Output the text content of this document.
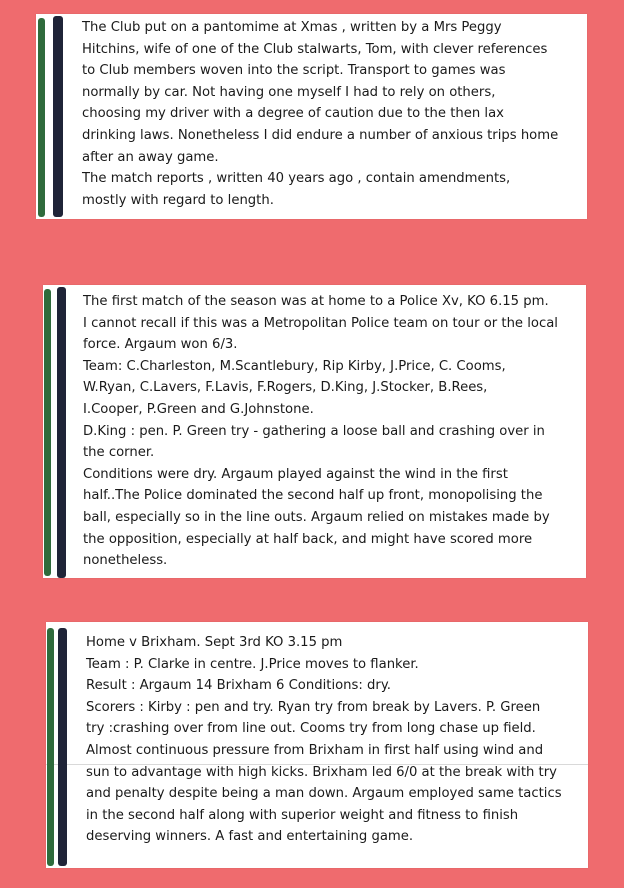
The Club put on a pantomime at Xmas , written by a Mrs Peggy
Hitchins, wife of one of the Club stalwarts, Tom, with clever references
to Club members woven into the script. Transport to games was
normally by car. Not having one myself I had to rely on others,
choosing my driver with a degree of caution due to the then lax
drinking laws. Nonetheless I did endure a number of anxious trips home
after an away game.
The match reports , written 40 years ago , contain amendments,
mostly with regard to length.

The first match of the season was at home to a Police Xv, KO 6.15 pm.
I cannot recall if this was a Metropolitan Police team on tour or the local
force. Argaum won 6/3.
Team: C.Charleston, M.Scantlebury, Rip Kirby, J.Price, C. Cooms,
W.Ryan, C.Lavers, F.Lavis, F.Rogers, D.King, J.Stocker, B.Rees,
I.Cooper, P.Green and G.Johnstone.
D.King : pen. P. Green try - gathering a loose ball and crashing over in
the corner.
Conditions were dry. Argaum played against the wind in the first
half..The Police dominated the second half up front, monopolising the
ball, especially so in the line outs. Argaum relied on mistakes made by
the opposition, especially at half back, and might have scored more
nonetheless.

Home v Brixham. Sept 3rd KO 3.15 pm
Team : P. Clarke in centre. J.Price moves to flanker.
Result : Argaum 14 Brixham 6 Conditions: dry.
Scorers : Kirby : pen and try. Ryan try from break by Lavers. P. Green
try :crashing over from line out. Cooms try from long chase up field.
Almost continuous pressure from Brixham in first half using wind and
sun to advantage with high kicks. Brixham led 6/0 at the break with try
and penalty despite being a man down. Argaum employed same tactics
in the second half along with superior weight and fitness to finish
deserving winners. A fast and entertaining game.
